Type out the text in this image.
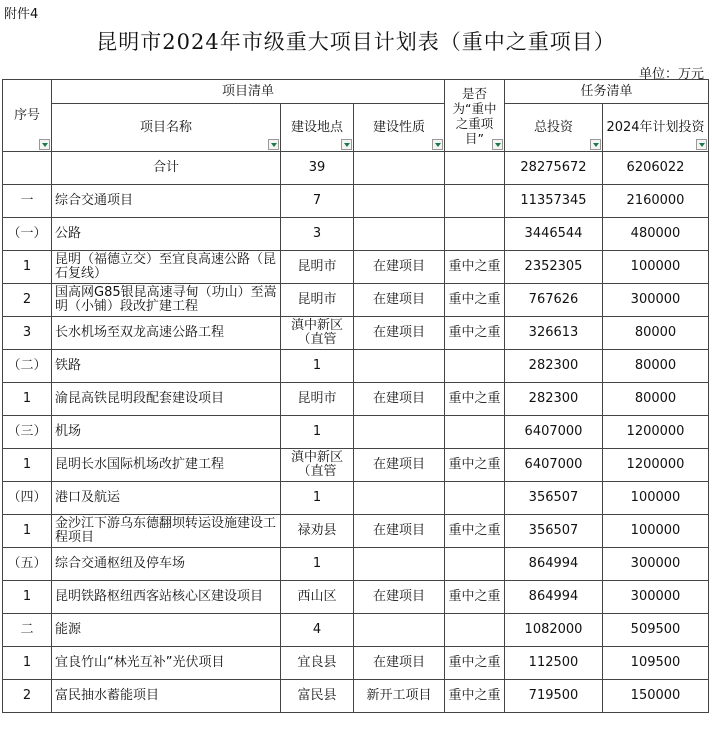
附件4
昆明市2024年市级重大项目计划表（重中之重项目）
单位：万元
序号	项目清单			是否为“重中之重项目”	任务清单	
	项目名称	建设地点	建设性质		总投资	2024年计划投资

	合计	39			28275672	6206022
一	综合交通项目	7			11357345	2160000
（一）	公路	3			3446544	480000
1	昆明（福德立交）至宜良高速公路（昆石复线）	昆明市	在建项目	重中之重	2352305	100000
2	国高网G85银昆高速寻甸（功山）至嵩明（小铺）段改扩建工程	昆明市	在建项目	重中之重	767626	300000
3	长水机场至双龙高速公路工程	滇中新区（直管	在建项目	重中之重	326613	80000
（二）	铁路	1			282300	80000
1	渝昆高铁昆明段配套建设项目	昆明市	在建项目	重中之重	282300	80000
（三）	机场	1			6407000	1200000
1	昆明长水国际机场改扩建工程	滇中新区（直管	在建项目	重中之重	6407000	1200000
（四）	港口及航运	1			356507	100000
1	金沙江下游乌东德翻坝转运设施建设工程项目	禄劝县	在建项目	重中之重	356507	100000
（五）	综合交通枢纽及停车场	1			864994	300000
1	昆明铁路枢纽西客站核心区建设项目	西山区	在建项目	重中之重	864994	300000
二	能源	4			1082000	509500
1	宜良竹山“林光互补”光伏项目	宜良县	在建项目	重中之重	112500	109500
2	富民抽水蓄能项目	富民县	新开工项目	重中之重	719500	150000
